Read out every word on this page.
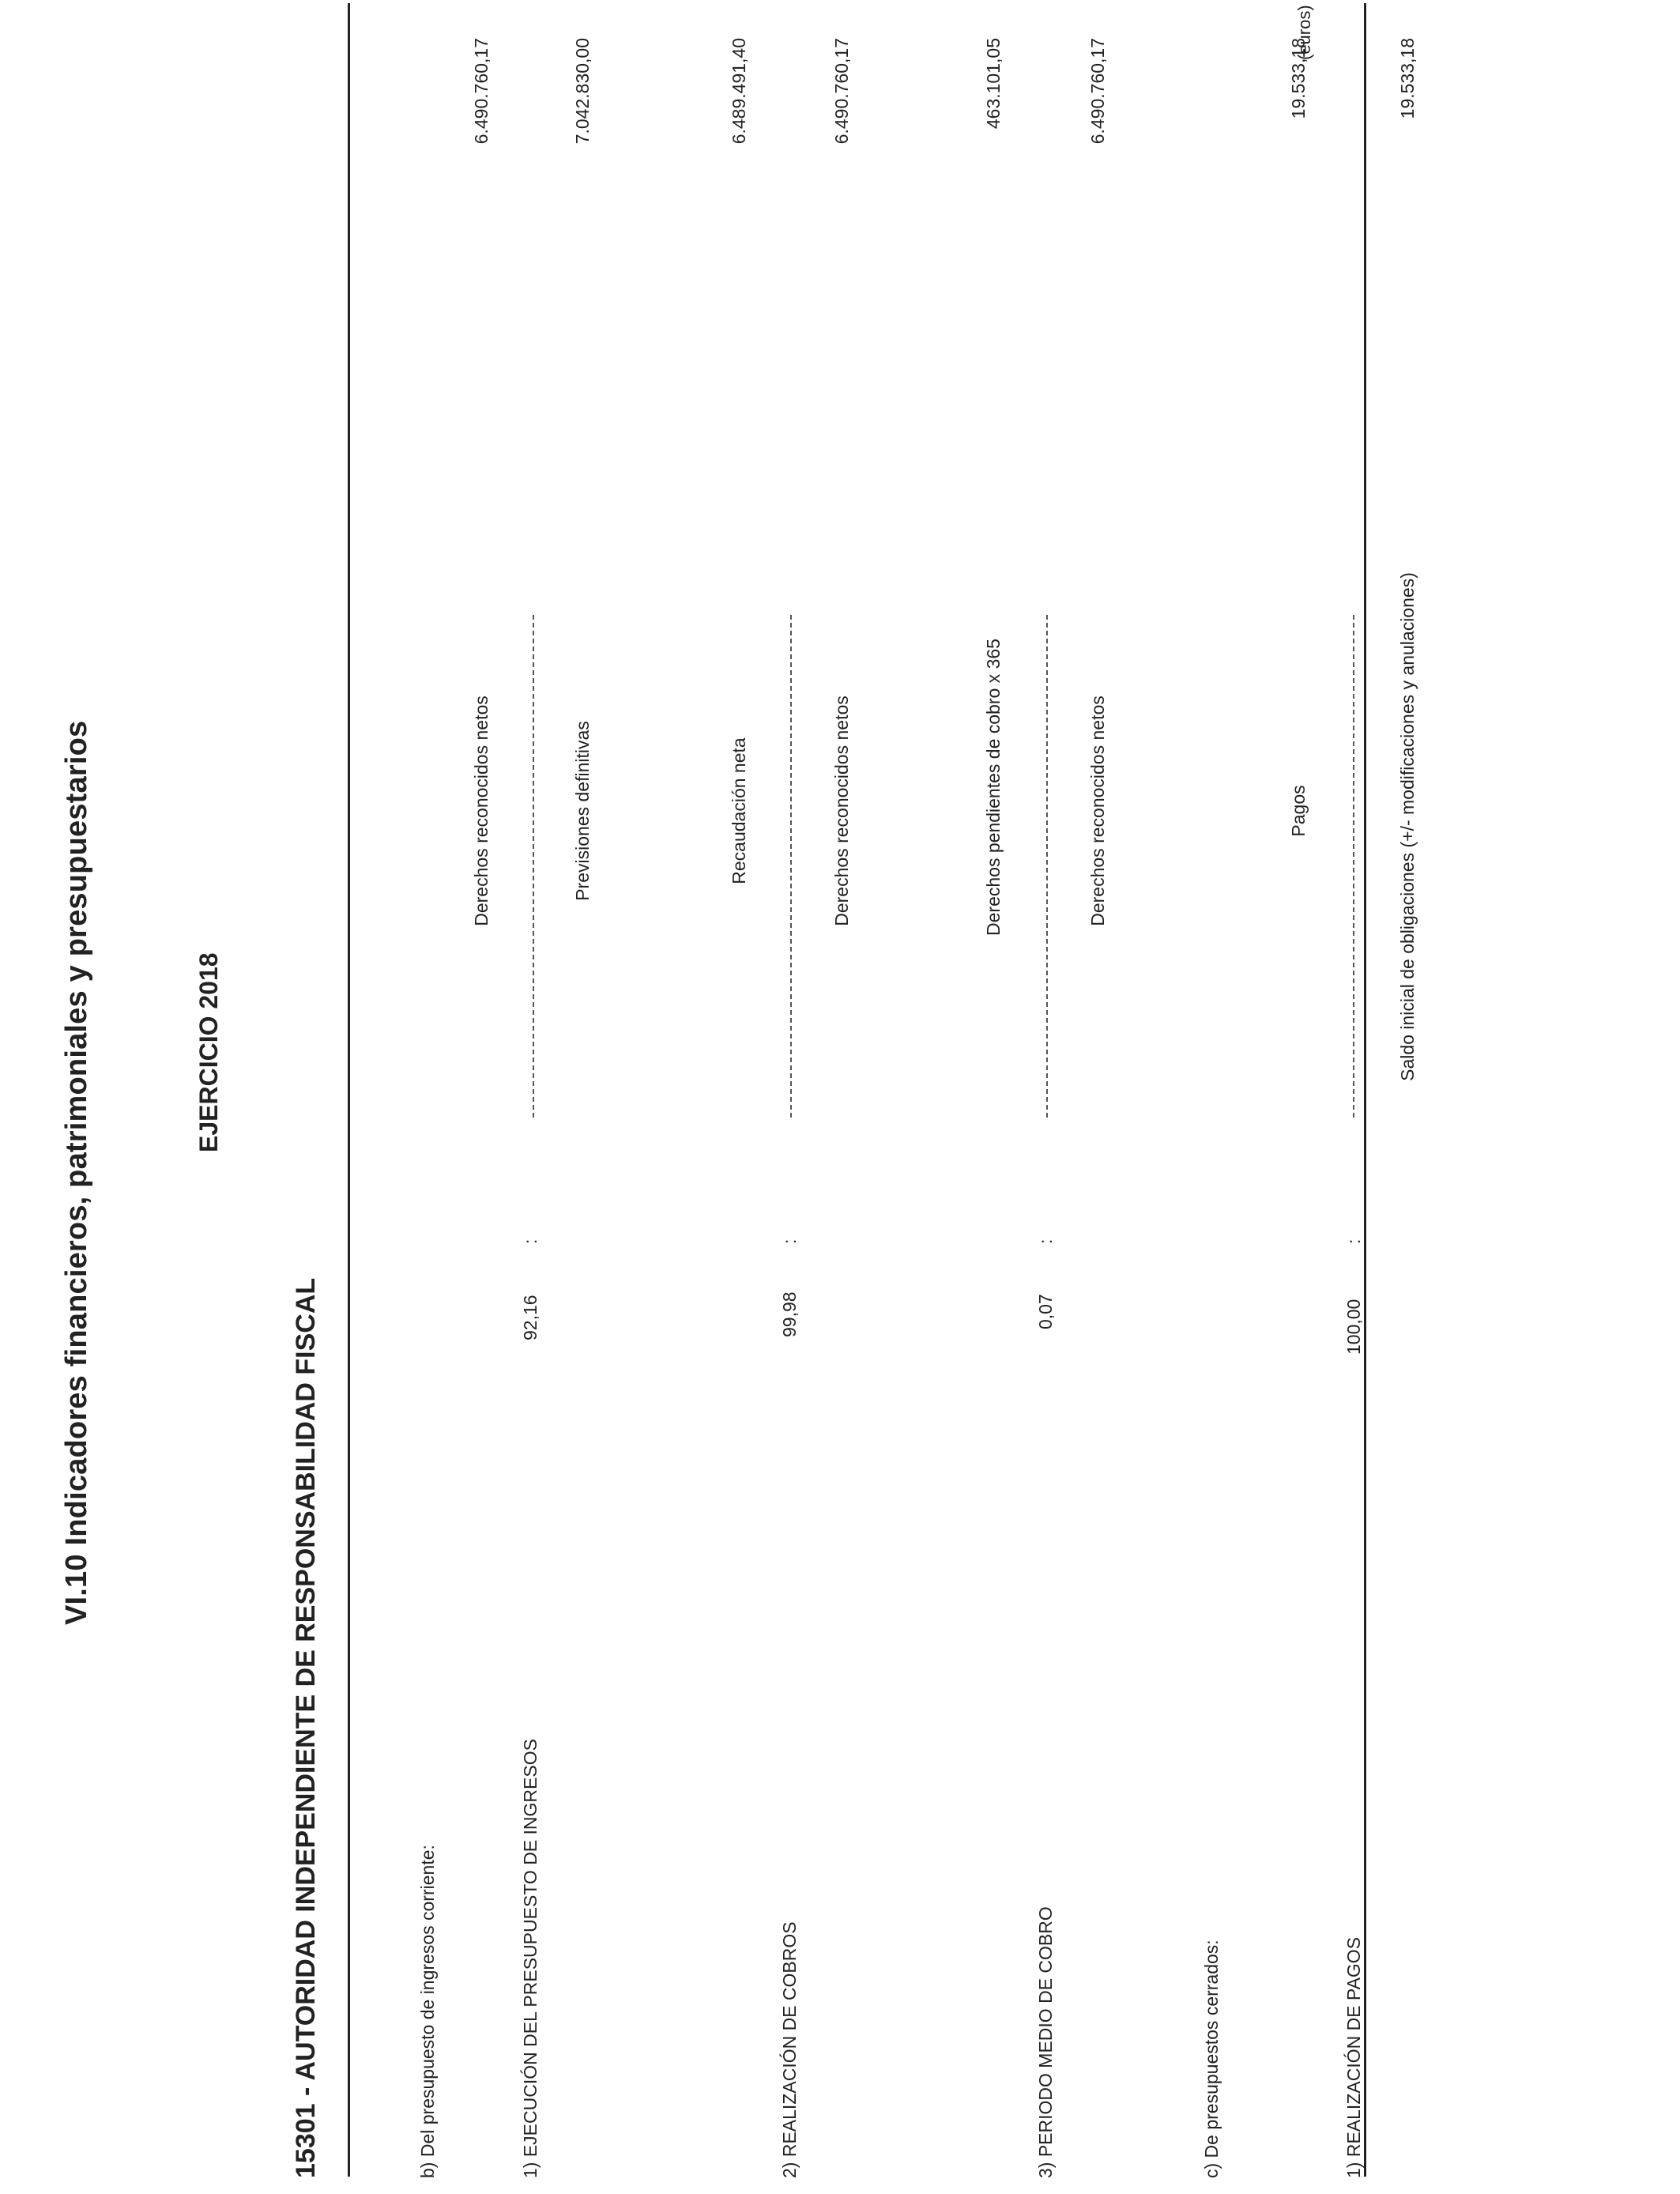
VI.10 Indicadores financieros, patrimoniales y presupuestarios
15301 - AUTORIDAD INDEPENDIENTE DE RESPONSABILIDAD FISCAL
EJERCICIO 2018
(euros)
b) Del presupuesto de ingresos corriente:	1) EJECUCIÓN DEL PRESUPUESTO DE INGRESOS
92,16
:
Derechos reconocidos netos	Previsiones definitivas
6.490.760,17	7.042.830,00
2) REALIZACIÓN DE COBROS
99,98
:
Recaudación neta	Derechos reconocidos netos
6.489.491,40	6.490.760,17
3) PERIODO MEDIO DE COBRO
0,07
:
Derechos pendientes de cobro x 365	Derechos reconocidos netos
463.101,05	6.490.760,17
c) De presupuestos cerrados:	1) REALIZACIÓN DE PAGOS
100,00
:
Pagos	Saldo inicial de obligaciones (+/- modificaciones y anulaciones)
19.533,18	19.533,18
